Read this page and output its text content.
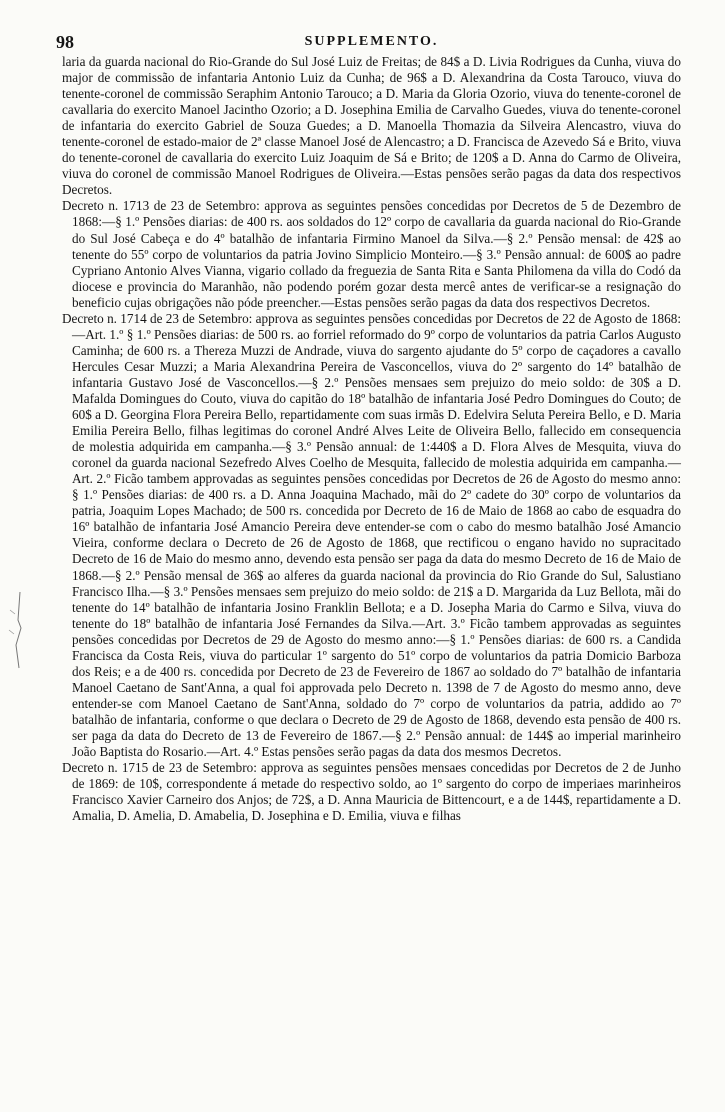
98	SUPPLEMENTO.

laria da guarda nacional do Rio-Grande do Sul José Luiz de Freitas; de 84$ a D. Livia Rodrigues da Cunha, viuva do major de commissão de infantaria Antonio Luiz da Cunha; de 96$ a D. Alexandrina da Costa Tarouco, viuva do tenente-coronel de commissão Seraphim Antonio Tarouco; a D. Maria da Gloria Ozorio, viuva do tenente-coronel de cavallaria do exercito Manoel Jacintho Ozorio; a D. Josephina Emilia de Carvalho Guedes, viuva do tenente-coronel de infantaria do exercito Gabriel de Souza Guedes; a D. Manoella Thomazia da Silveira Alencastro, viuva do tenente-coronel de estado-maior de 2ª classe Manoel José de Alencastro; a D. Francisca de Azevedo Sá e Brito, viuva do tenente-coronel de cavallaria do exercito Luiz Joaquim de Sá e Brito; de 120$ a D. Anna do Carmo de Oliveira, viuva do coronel de commissão Manoel Rodrigues de Oliveira.—Estas pensões serão pagas da data dos respectivos Decretos.

Decreto n. 1713 de 23 de Setembro: approva as seguintes pensões concedidas por Decretos de 5 de Dezembro de 1868:—§ 1.º Pensões diarias: de 400 rs. aos soldados do 12º corpo de cavallaria da guarda nacional do Rio-Grande do Sul José Cabeça e do 4º batalhão de infantaria Firmino Manoel da Silva.—§ 2.º Pensão mensal: de 42$ ao tenente do 55º corpo de voluntarios da patria Jovino Simplicio Monteiro.—§ 3.º Pensão annual: de 600$ ao padre Cypriano Antonio Alves Vianna, vigario collado da freguezia de Santa Rita e Santa Philomena da villa do Codó da diocese e provincia do Maranhão, não podendo porém gozar desta mercê antes de verificar-se a resignação do beneficio cujas obrigações não póde preencher.—Estas pensões serão pagas da data dos respectivos Decretos.

Decreto n. 1714 de 23 de Setembro: approva as seguintes pensões concedidas por Decretos de 22 de Agosto de 1868:—Art. 1.º § 1.º Pensões diarias: de 500 rs. ao forriel reformado do 9º corpo de voluntarios da patria Carlos Augusto Caminha; de 600 rs. a Thereza Muzzi de Andrade, viuva do sargento ajudante do 5º corpo de caçadores a cavallo Hercules Cesar Muzzi; a Maria Alexandrina Pereira de Vasconcellos, viuva do 2º sargento do 14º batalhão de infantaria Gustavo José de Vasconcellos.—§ 2.º Pensões mensaes sem prejuizo do meio soldo: de 30$ a D. Mafalda Domingues do Couto, viuva do capitão do 18º batalhão de infantaria José Pedro Domingues do Couto; de 60$ a D. Georgina Flora Pereira Bello, repartidamente com suas irmãs D. Edelvira Seluta Pereira Bello, e D. Maria Emilia Pereira Bello, filhas legitimas do coronel André Alves Leite de Oliveira Bello, fallecido em consequencia de molestia adquirida em campanha.—§ 3.º Pensão annual: de 1:440$ a D. Flora Alves de Mesquita, viuva do coronel da guarda nacional Sezefredo Alves Coelho de Mesquita, fallecido de molestia adquirida em campanha.—Art. 2.º Ficão tambem approvadas as seguintes pensões concedidas por Decretos de 26 de Agosto do mesmo anno: § 1.º Pensões diarias: de 400 rs. a D. Anna Joaquina Machado, mãi do 2º cadete do 30º corpo de voluntarios da patria, Joaquim Lopes Machado; de 500 rs. concedida por Decreto de 16 de Maio de 1868 ao cabo de esquadra do 16º batalhão de infantaria José Amancio Pereira deve entender-se com o cabo do mesmo batalhão José Amancio Vieira, conforme declara o Decreto de 26 de Agosto de 1868, que rectificou o engano havido no supracitado Decreto de 16 de Maio do mesmo anno, devendo esta pensão ser paga da data do mesmo Decreto de 16 de Maio de 1868.—§ 2.º Pensão mensal de 36$ ao alferes da guarda nacional da provincia do Rio Grande do Sul, Salustiano Francisco Ilha.—§ 3.º Pensões mensaes sem prejuizo do meio soldo: de 21$ a D. Margarida da Luz Bellota, mãi do tenente do 14º batalhão de infantaria Josino Franklin Bellota; e a D. Josepha Maria do Carmo e Silva, viuva do tenente do 18º batalhão de infantaria José Fernandes da Silva.—Art. 3.º Ficão tambem approvadas as seguintes pensões concedidas por Decretos de 29 de Agosto do mesmo anno:—§ 1.º Pensões diarias: de 600 rs. a Candida Francisca da Costa Reis, viuva do particular 1º sargento do 51º corpo de voluntarios da patria Domicio Barboza dos Reis; e a de 400 rs. concedida por Decreto de 23 de Fevereiro de 1867 ao soldado do 7º batalhão de infantaria Manoel Caetano de Sant'Anna, a qual foi approvada pelo Decreto n. 1398 de 7 de Agosto do mesmo anno, deve entender-se com Manoel Caetano de Sant'Anna, soldado do 7º corpo de voluntarios da patria, addido ao 7º batalhão de infantaria, conforme o que declara o Decreto de 29 de Agosto de 1868, devendo esta pensão de 400 rs. ser paga da data do Decreto de 13 de Fevereiro de 1867.—§ 2.º Pensão annual: de 144$ ao imperial marinheiro João Baptista do Rosario.—Art. 4.º Estas pensões serão pagas da data dos mesmos Decretos.

Decreto n. 1715 de 23 de Setembro: approva as seguintes pensões mensaes concedidas por Decretos de 2 de Junho de 1869: de 10$, correspondente á metade do respectivo soldo, ao 1º sargento do corpo de imperiaes marinheiros Francisco Xavier Carneiro dos Anjos; de 72$, a D. Anna Mauricia de Bittencourt, e a de 144$, repartidamente a D. Amalia, D. Amelia, D. Amabelia, D. Josephina e D. Emilia, viuva e filhas
